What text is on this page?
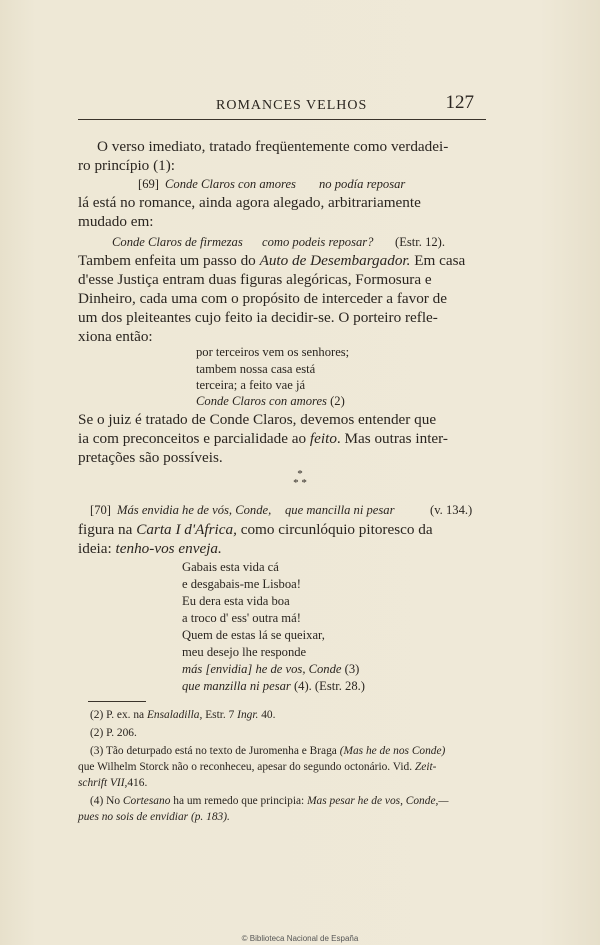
ROMANCES VELHOS	127
O verso imediato, tratado freqüentemente como verdadei-
ro princípio (1):
[69] Conde Claros con amores no podía reposar
lá está no romance, ainda agora alegado, arbitrariamente
mudado em:
Conde Claros de firmezas como podeis reposar? (Estr. 12).
Tambem enfeita um passo do Auto de Desembargador. Em casa
d'esse Justiça entram duas figuras alegóricas, Formosura e
Dinheiro, cada uma com o propósito de interceder a favor de
um dos pleiteantes cujo feito ia decidir-se. O porteiro refle-
xiona então:
por terceiros vem os senhores;
tambem nossa casa está
terceira; a feito vae já
Conde Claros con amores (2)
Se o juiz é tratado de Conde Claros, devemos entender que
ia com preconceitos e parcialidade ao feito. Mas outras inter-
pretações são possíveis.
*
* *
[70] Más envidia he de vós, Conde, que mancilla ni pesar	(v. 134.)
figura na Carta I d'Africa, como circunlóquio pitoresco da
ideia: tenho-vos enveja.
Gabais esta vida cá
e desgabais-me Lisboa!
Eu dera esta vida boa
a troco d' ess' outra má!
Quem de estas lá se queixar,
meu desejo lhe responde
más [envidia] he de vos, Conde (3)
que manzilla ni pesar (4). (Estr. 28.)
(2) P. ex. na Ensaladilla, Estr. 7 Ingr. 40.
(2) P. 206.
(3) Tão deturpado está no texto de Juromenha e Braga (Mas he de nos Conde)
que Wilhelm Storck não o reconheceu, apesar do segundo octonário. Vid. Zeit-
schrift VII,416.
(4) No Cortesano ha um remedo que principia: Mas pesar he de vos, Conde,—
pues no sois de envidiar (p. 183).
© Biblioteca Nacional de España
